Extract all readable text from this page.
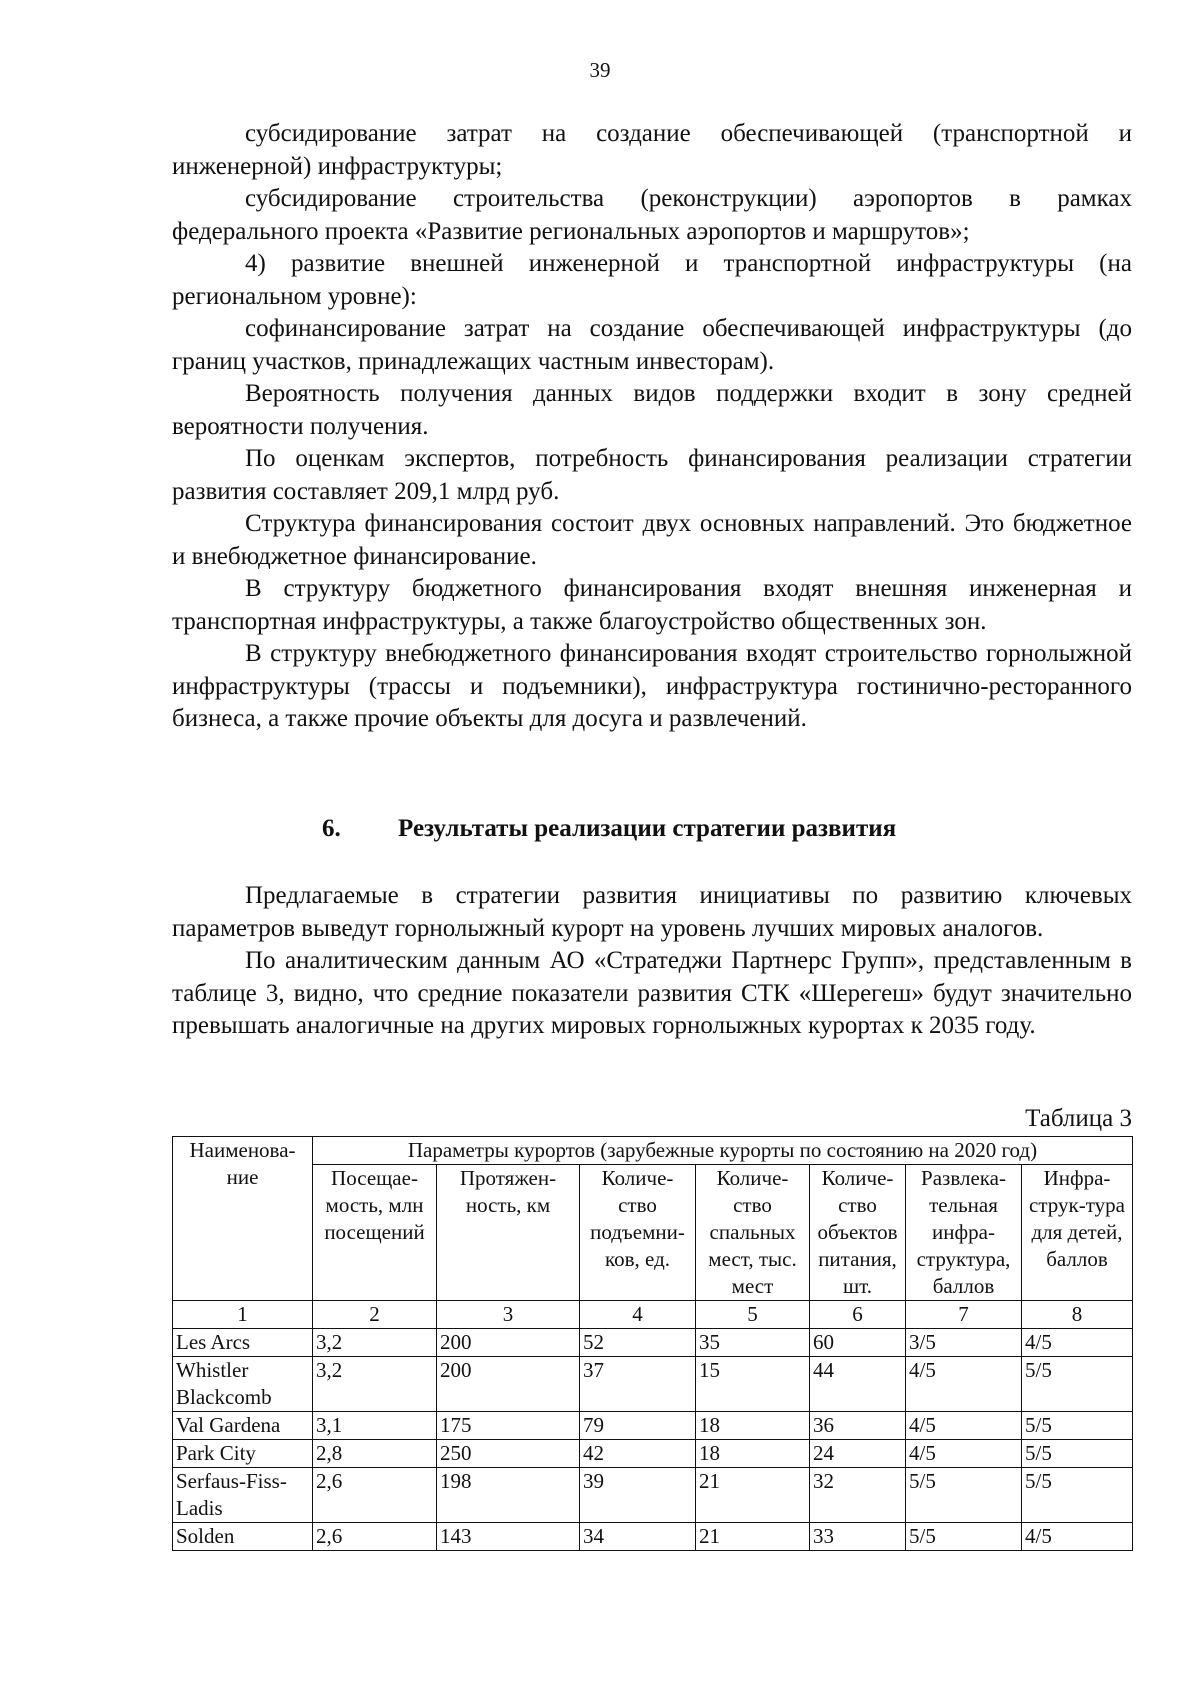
39

субсидирование затрат на создание обеспечивающей (транспортной и инженерной) инфраструктуры;

субсидирование строительства (реконструкции) аэропортов в рамках федерального проекта «Развитие региональных аэропортов и маршрутов»;

4) развитие внешней инженерной и транспортной инфраструктуры (на региональном уровне):

софинансирование затрат на создание обеспечивающей инфраструктуры (до границ участков, принадлежащих частным инвесторам).

Вероятность получения данных видов поддержки входит в зону средней вероятности получения.

По оценкам экспертов, потребность финансирования реализации стратегии развития составляет 209,1 млрд руб.

Структура финансирования состоит двух основных направлений. Это бюджетное и внебюджетное финансирование.

В структуру бюджетного финансирования входят внешняя инженерная и транспортная инфраструктуры, а также благоустройство общественных зон.

В структуру внебюджетного финансирования входят строительство горнолыжной инфраструктуры (трассы и подъемники), инфраструктура гостинично-ресторанного бизнеса, а также прочие объекты для досуга и развлечений.

6. Результаты реализации стратегии развития

Предлагаемые в стратегии развития инициативы по развитию ключевых параметров выведут горнолыжный курорт на уровень лучших мировых аналогов.

По аналитическим данным АО «Стратеджи Партнерс Групп», представленным в таблице 3, видно, что средние показатели развития СТК «Шерегеш» будут значительно превышать аналогичные на других мировых горнолыжных курортах к 2035 году.

Таблица 3
Наименова-ние	Параметры курортов (зарубежные курорты по состоянию на 2020 год)						
	Посещае-мость, млн посещений	Протяжен-ность, км	Количе-ство подъемни-ков, ед.	Количе-ство спальных мест, тыс. мест	Количе-ство объектов питания, шт.	Развлека-тельная инфра-структура, баллов	Инфра-струк-тура для детей, баллов
1	2	3	4	5	6	7	8
Les Arcs	3,2	200	52	35	60	3/5	4/5
Whistler Blackcomb	3,2	200	37	15	44	4/5	5/5
Val Gardena	3,1	175	79	18	36	4/5	5/5
Park City	2,8	250	42	18	24	4/5	5/5
Serfaus-Fiss-Ladis	2,6	198	39	21	32	5/5	5/5
Solden	2,6	143	34	21	33	5/5	4/5
